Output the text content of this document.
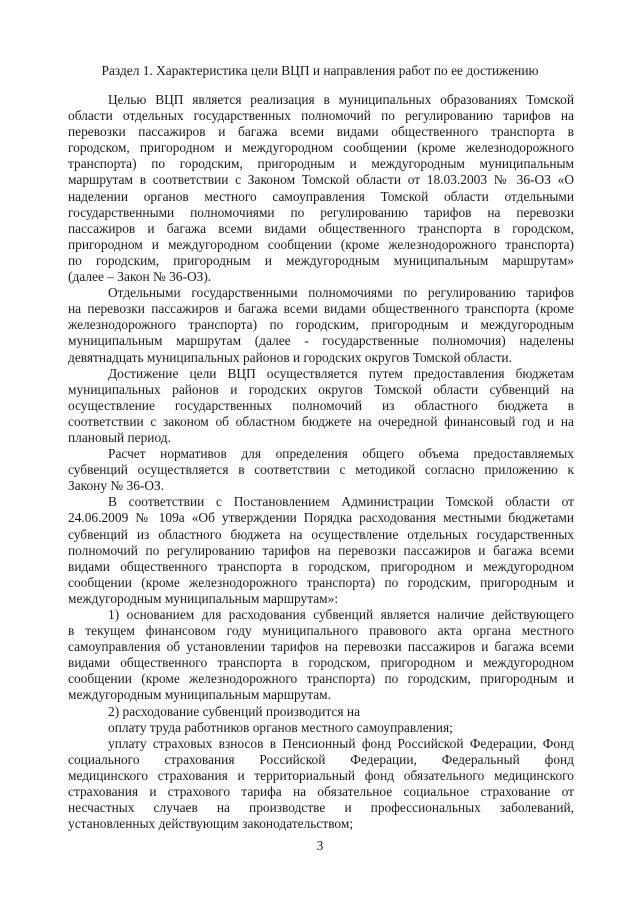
Раздел 1. Характеристика цели ВЦП и направления работ по ее достижению
Целью ВЦП является реализация в муниципальных образованиях Томской
области отдельных государственных полномочий по регулированию тарифов на
перевозки пассажиров и багажа всеми видами общественного транспорта в
городском, пригородном и междугородном сообщении (кроме железнодорожного
транспорта) по городским, пригородным и междугородным муниципальным
маршрутам в соответствии с Законом Томской области от 18.03.2003 № 36-ОЗ «О
наделении органов местного самоуправления Томской области отдельными
государственными полномочиями по регулированию тарифов на перевозки
пассажиров и багажа всеми видами общественного транспорта в городском,
пригородном и междугородном сообщении (кроме железнодорожного транспорта)
по городским, пригородным и междугородным муниципальным маршрутам»
(далее – Закон № 36-ОЗ).
Отдельными государственными полномочиями по регулированию тарифов
на перевозки пассажиров и багажа всеми видами общественного транспорта (кроме
железнодорожного транспорта) по городским, пригородным и междугородным
муниципальным маршрутам (далее - государственные полномочия) наделены
девятнадцать муниципальных районов и городских округов Томской области.
Достижение цели ВЦП осуществляется путем предоставления бюджетам
муниципальных районов и городских округов Томской области субвенций на
осуществление государственных полномочий из областного бюджета в
соответствии с законом об областном бюджете на очередной финансовый год и на
плановый период.
Расчет нормативов для определения общего объема предоставляемых
субвенций осуществляется в соответствии с методикой согласно приложению к
Закону № 36-ОЗ.
В соответствии с Постановлением Администрации Томской области от
24.06.2009 № 109а «Об утверждении Порядка расходования местными бюджетами
субвенций из областного бюджета на осуществление отдельных государственных
полномочий по регулированию тарифов на перевозки пассажиров и багажа всеми
видами общественного транспорта в городском, пригородном и междугородном
сообщении (кроме железнодорожного транспорта) по городским, пригородным и
междугородным муниципальным маршрутам»:
1) основанием для расходования субвенций является наличие действующего
в текущем финансовом году муниципального правового акта органа местного
самоуправления об установлении тарифов на перевозки пассажиров и багажа всеми
видами общественного транспорта в городском, пригородном и междугородном
сообщении (кроме железнодорожного транспорта) по городским, пригородным и
междугородным муниципальным маршрутам.
2) расходование субвенций производится на
оплату труда работников органов местного самоуправления;
уплату страховых взносов в Пенсионный фонд Российской Федерации, Фонд
социального страхования Российской Федерации, Федеральный фонд
медицинского страхования и территориальный фонд обязательного медицинского
страхования и страхового тарифа на обязательное социальное страхование от
несчастных случаев на производстве и профессиональных заболеваний,
установленных действующим законодательством;
3
